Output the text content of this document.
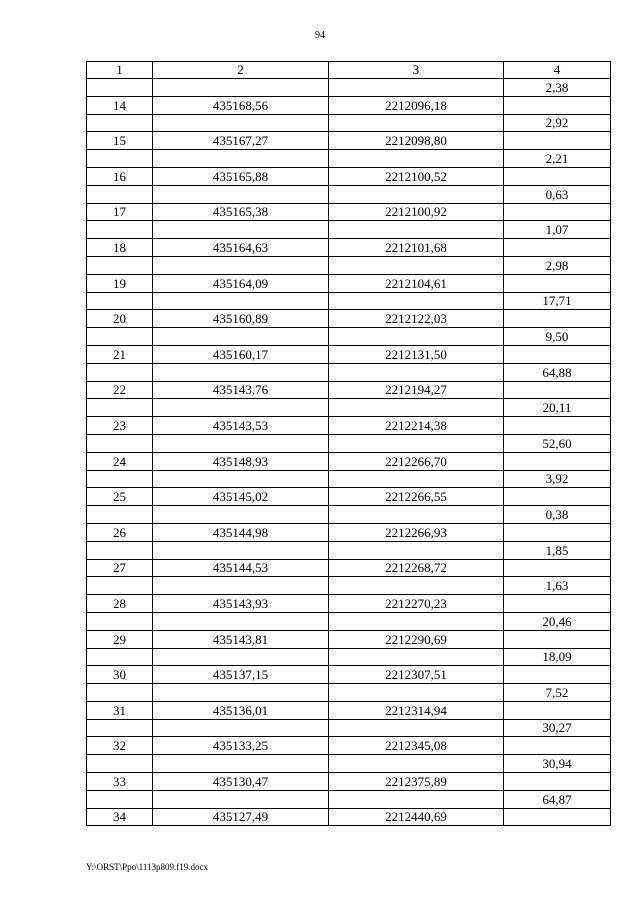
94
1	2	3	4
			2,38
14	435168,56	2212096,18	
			2,92
15	435167,27	2212098,80	
			2,21
16	435165,88	2212100,52	
			0,63
17	435165,38	2212100,92	
			1,07
18	435164,63	2212101,68	
			2,98
19	435164,09	2212104,61	
			17,71
20	435160,89	2212122,03	
			9,50
21	435160,17	2212131,50	
			64,88
22	435143,76	2212194,27	
			20,11
23	435143,53	2212214,38	
			52,60
24	435148,93	2212266,70	
			3,92
25	435145,02	2212266,55	
			0,38
26	435144,98	2212266,93	
			1,85
27	435144,53	2212268,72	
			1,63
28	435143,93	2212270,23	
			20,46
29	435143,81	2212290,69	
			18,09
30	435137,15	2212307,51	
			7,52
31	435136,01	2212314,94	
			30,27
32	435133,25	2212345,08	
			30,94
33	435130,47	2212375,89	
			64,87
34	435127,49	2212440,69	
Y:\ORST\Ppo\1113p809.f19.docx
